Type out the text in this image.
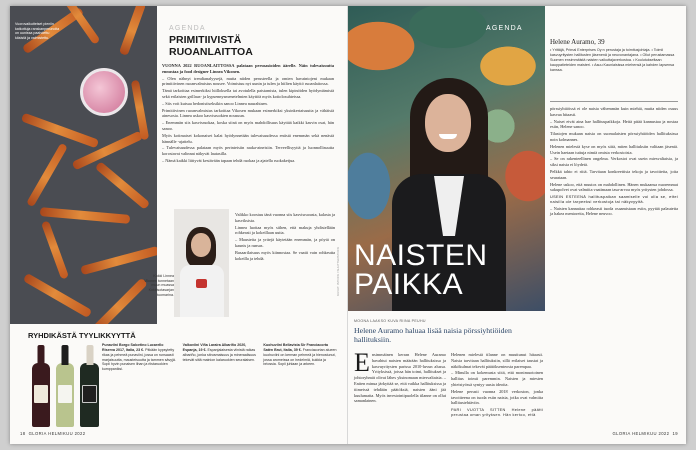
Vuorovaikutteiset pieniin katkottuja ranskanperunoita on uunissa paahdettu käsistä ja valmistettu.
AGENDA
PRIMITIIVISTÄ RUOANLAITTOA

VUONNA 2022 RUOANLAITTOSSA palataan perusasioiden äärelle. Näin tulevaisuutta ennustaa ja food designer Linnea Vikonen.

– Olen nähnyt trendianalyysejä, mutta niiden perusteella ja omien havaintojeni mukaan primitiivinen ruoanvalmistus nousee. Voimistuu nyt uunin ja tulen ja hiilten käyttö ruoanlaitossa.

Tämä tarkoittaa esimerkiksi hiilloksella tai avotulella paistamista, tulen kipinöiden hyödyntämistä sekä erilaisten grillaus- ja kypsennysmenetelmien käyttöä myös kotiolosuhteissa.

– Siis voit kutsua hedonistiseksikin sanoo Linnea naurahtaen.

Primitiivinen ruoanvalmistus tarkoittaa Vikosen mukaan esimerkiksi yksinkertaisuutta ja vähäisiä ainesosia. Linnea uskoo kasvisruokien nousuun.

– Enemmän siis kasvisruokaa, koska siinä on myös mahdollisuus käyttää kaikki kasvin osat, hän sanoo.

Myös kotimaiset kokonaiset kalat hyödynnetään tulevaisuudessa entistä enemmän sekä nenästä hännälle -ajattelu.

– Tulevaisuudessa palataan myös perinteisiin raaka-aineisiin. Terveellisyyttä ja luonnollisuutta korostavat valinnat näkyvät lautasilla.

– Nämä kaikki liittyvät kestävään tapaan tehdä ruokaa ja ajatella ruokaketjua.

Kokki Linnea Vikonen tunnetaan muun muassa Kokkisotasarjan tuomarina.

Valikko koostuu tänä vuonna siis kasvisruoasta, kalasta ja kasviksista.

Linnea luottaa myös siihen, että makuja yhdistellään rohkeasti ja kokeillaan uutta.

– Mausteita ja yrttejä käytetään enemmän, ja pöytä on kaunis ja runsas.

Basaarilaisuus myös kiinnostaa. Se vaatii vain rohkeutta kokeilla ja tehdä.	KUVAT: ISTOCK / SHUTTERSTOCK
RYHDIKÄSTÄ TYYLIKKYYTTÄ
Punaviini Borgo Salcetino Lucarello Riserva 2017, Italia, 23 €. Pitkään kypsytetty rikas ja pehmeä punaviini, jossa on runsaasti marjaisuutta, mausteisuutta ja tammen sävyjä. Sopii hyvin punaisen lihan ja riistaruokien kumppaniksi.
Valkoviini Viña Laraira Albariño 2020, Espanja, 19 €. Espanjalaisesta viinistä raikas albariño, jonka sitrusmaisuus ja mineraalisuus tekevät siitä mainion kalaruokien seuralaisen.
Kuohuviini Bellavista Sir Franciacorta Satèn Brut, Italia, 39 €. Franciacortan alueen kuohuviini on kerman pehmeä ja hienostunut, jossa aromeissa on hedelmiä, kukkia ja briossia. Sopii juhlaan ja arkeen.
18 GLORIA HELMIKUU 2022
AGENDA
NAISTEN
PAIKKA
Helene Auramo, 39
• Yrittäjä, Primal Enterprises Oy:n perustaja ja toimitusjohtaja. • Toimii kasvuyritysten hallitusten jäsenenä ja neuvonantajana. • Ollut perustamassa Suomen ensimmäistä naisten vaikuttajaverkostoa. • Koulutukseltaan kauppatieteiden maisteri. • Asuu Kauniaisissa miehensä ja kahden lapsensa kanssa.

pörssiyhtiöissä ei ole naisia vähemmän kuin miehiä, mutta niiden osuus kasvaa hitaasti.

– Naiset eivät aina hae hallituspaikkoja. Heitä pitää kannustaa ja nostaa esiin, Helene sanoo.

Tilastojen mukaan naisia on suomalaisten pörssiyhtiöiden hallituksissa noin kolmannes.

Helenen mielestä kyse on myös siitä, miten hallituksiin valitaan jäseniä. Usein haetaan tuttuja nimiä omista verkostoista.

– Se on rakenteellinen ongelma. Verkostot ovat usein miesvaltaisia, ja siksi naisia ei löydetä.

Pelkkä tahto ei riitä. Tarvitaan konkreettisia tekoja ja tavoitteita, joita seurataan.

Helene uskoo, että muutos on mahdollinen. Hänen mukaansa nuoremmat sukupolvet ovat valmiita vaatimaan tasa-arvoa myös yritysten johdossa.

USEIN ESTEENÄ hallituspaikan saamiselle voi olla se, ettei naisilla ole tarpeeksi verkostoja tai näkyvyyttä.

– Naisten kannattaa rohkeasti tuoda osaamistaan esiin, pyytää palautetta ja hakea mentoreita, Helene neuvoo.

MOONA LAAKSO KUVA RIINA PEUHU
Helene Auramo haluaa lisää naisia pörssiyhtiöiden hallituksiin.
E nsimmäinen kerran Helene Auramo havahtui naisten määrään hallituksissa ja kasvuyritysten parissa 2010-luvun alussa. Yrityksissä, joissa hän toimi, hallitukset ja johtoryhmät olivat lähes yksinomaan miesvaltaisia. – Eniten minua järkyttää se, että vaikka hallituksissa ja tiimeissä tehdään päätöksiä, naisten ääni jää kuulumatta. Myös investointipuolella tilanne on ollut samanlainen.

Helenen mielestä tilanne on muuttunut hitaasti. Naisia tarvitaan hallituksiin, sillä erilaiset taustat ja näkökulmat tekevät päätöksenteosta parempaa.

– Minulla on kokemusta siitä, että monimuotoinen hallitus toimii paremmin. Naisten ja miesten yhteistyössä syntyy uusia ideoita.

Helene perusti vuonna 2018 verkoston, jonka tavoitteena on tuoda esiin naisia, jotka ovat valmiita hallitustehtäviin.

PARI VUOTTA SITTEN Helene päätti perustaa oman yrityksen. Hän kertoo, että

GLORIA HELMIKUU 2022 19
